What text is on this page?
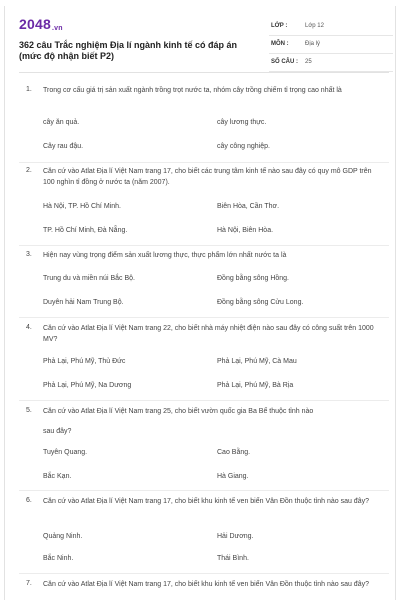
2048.vn
362 câu Trắc nghiệm Địa lí ngành kinh tế có đáp án (mức độ nhận biết P2)
LỚP :	Lớp 12
MÔN :	Địa lý
SỐ CÂU : 25
1. Trong cơ cấu giá trị sản xuất ngành trồng trọt nước ta, nhóm cây trồng chiếm tỉ trọng cao nhất là
cây ăn quả.	cây lương thực.
Cây rau đậu.	cây công nghiệp.
2. Căn cứ vào Atlat Địa lí Việt Nam trang 17, cho biết các trung tâm kinh tế nào sau đây có quy mô GDP trên 100 nghìn tỉ đồng ở nước ta (năm 2007).
Hà Nội, TP. Hồ Chí Minh.	Biên Hòa, Cần Thơ.
TP. Hồ Chí Minh, Đà Nẵng.	Hà Nội, Biên Hòa.
3. Hiện nay vùng trọng điểm sản xuất lương thực, thực phẩm lớn nhất nước ta là
Trung du và miền núi Bắc Bộ.	Đồng bằng sông Hồng.
Duyên hải Nam Trung Bộ.	Đồng bằng sông Cửu Long.
4. Căn cứ vào Atlat Địa lí Việt Nam trang 22, cho biết nhà máy nhiệt điện nào sau đây có công suất trên 1000 MV?
Phả Lại, Phú Mỹ, Thủ Đức	Phả Lại, Phú Mỹ, Cà Mau
Phả Lại, Phú Mỹ, Na Dương	Phả Lại, Phú Mỹ, Bà Rịa
5. Căn cứ vào Atlat Địa lí Việt Nam trang 25, cho biết vườn quốc gia Ba Bể thuộc tỉnh nào
sau đây?
Tuyên Quang.	Cao Bằng.
Bắc Kạn.	Hà Giang.
6. Căn cứ vào Atlat Địa lí Việt Nam trang 17, cho biết khu kinh tế ven biển Vân Đồn thuộc tỉnh nào sau đây?
Quảng Ninh.	Hải Dương.
Bắc Ninh.	Thái Bình.
7. Căn cứ vào Atlat Địa lí Việt Nam trang 17, cho biết khu kinh tế ven biển Vân Đồn thuộc tỉnh nào sau đây?
